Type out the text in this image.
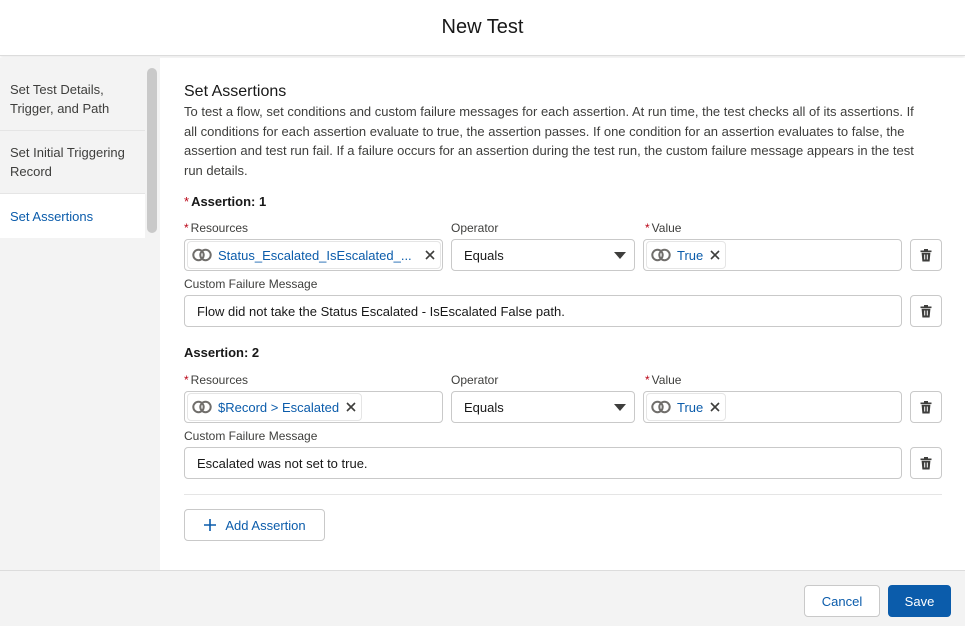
New Test
Set Test Details, Trigger, and Path
Set Initial Triggering Record
Set Assertions
Set Assertions
To test a flow, set conditions and custom failure messages for each assertion. At run time, the test checks all of its assertions. If all conditions for each assertion evaluate to true, the assertion passes. If one condition for an assertion evaluates to false, the assertion and test run fail. If a failure occurs for an assertion during the test run, the custom failure message appears in the test run details.
* Assertion: 1
* Resources
Status_Escalated_IsEscalated_...
Operator
Equals
* Value
True
Custom Failure Message
Flow did not take the Status Escalated - IsEscalated False path.
Assertion: 2
* Resources
$Record > Escalated
Operator
Equals
* Value
True
Custom Failure Message
Escalated was not set to true.
Add Assertion
Cancel	Save
